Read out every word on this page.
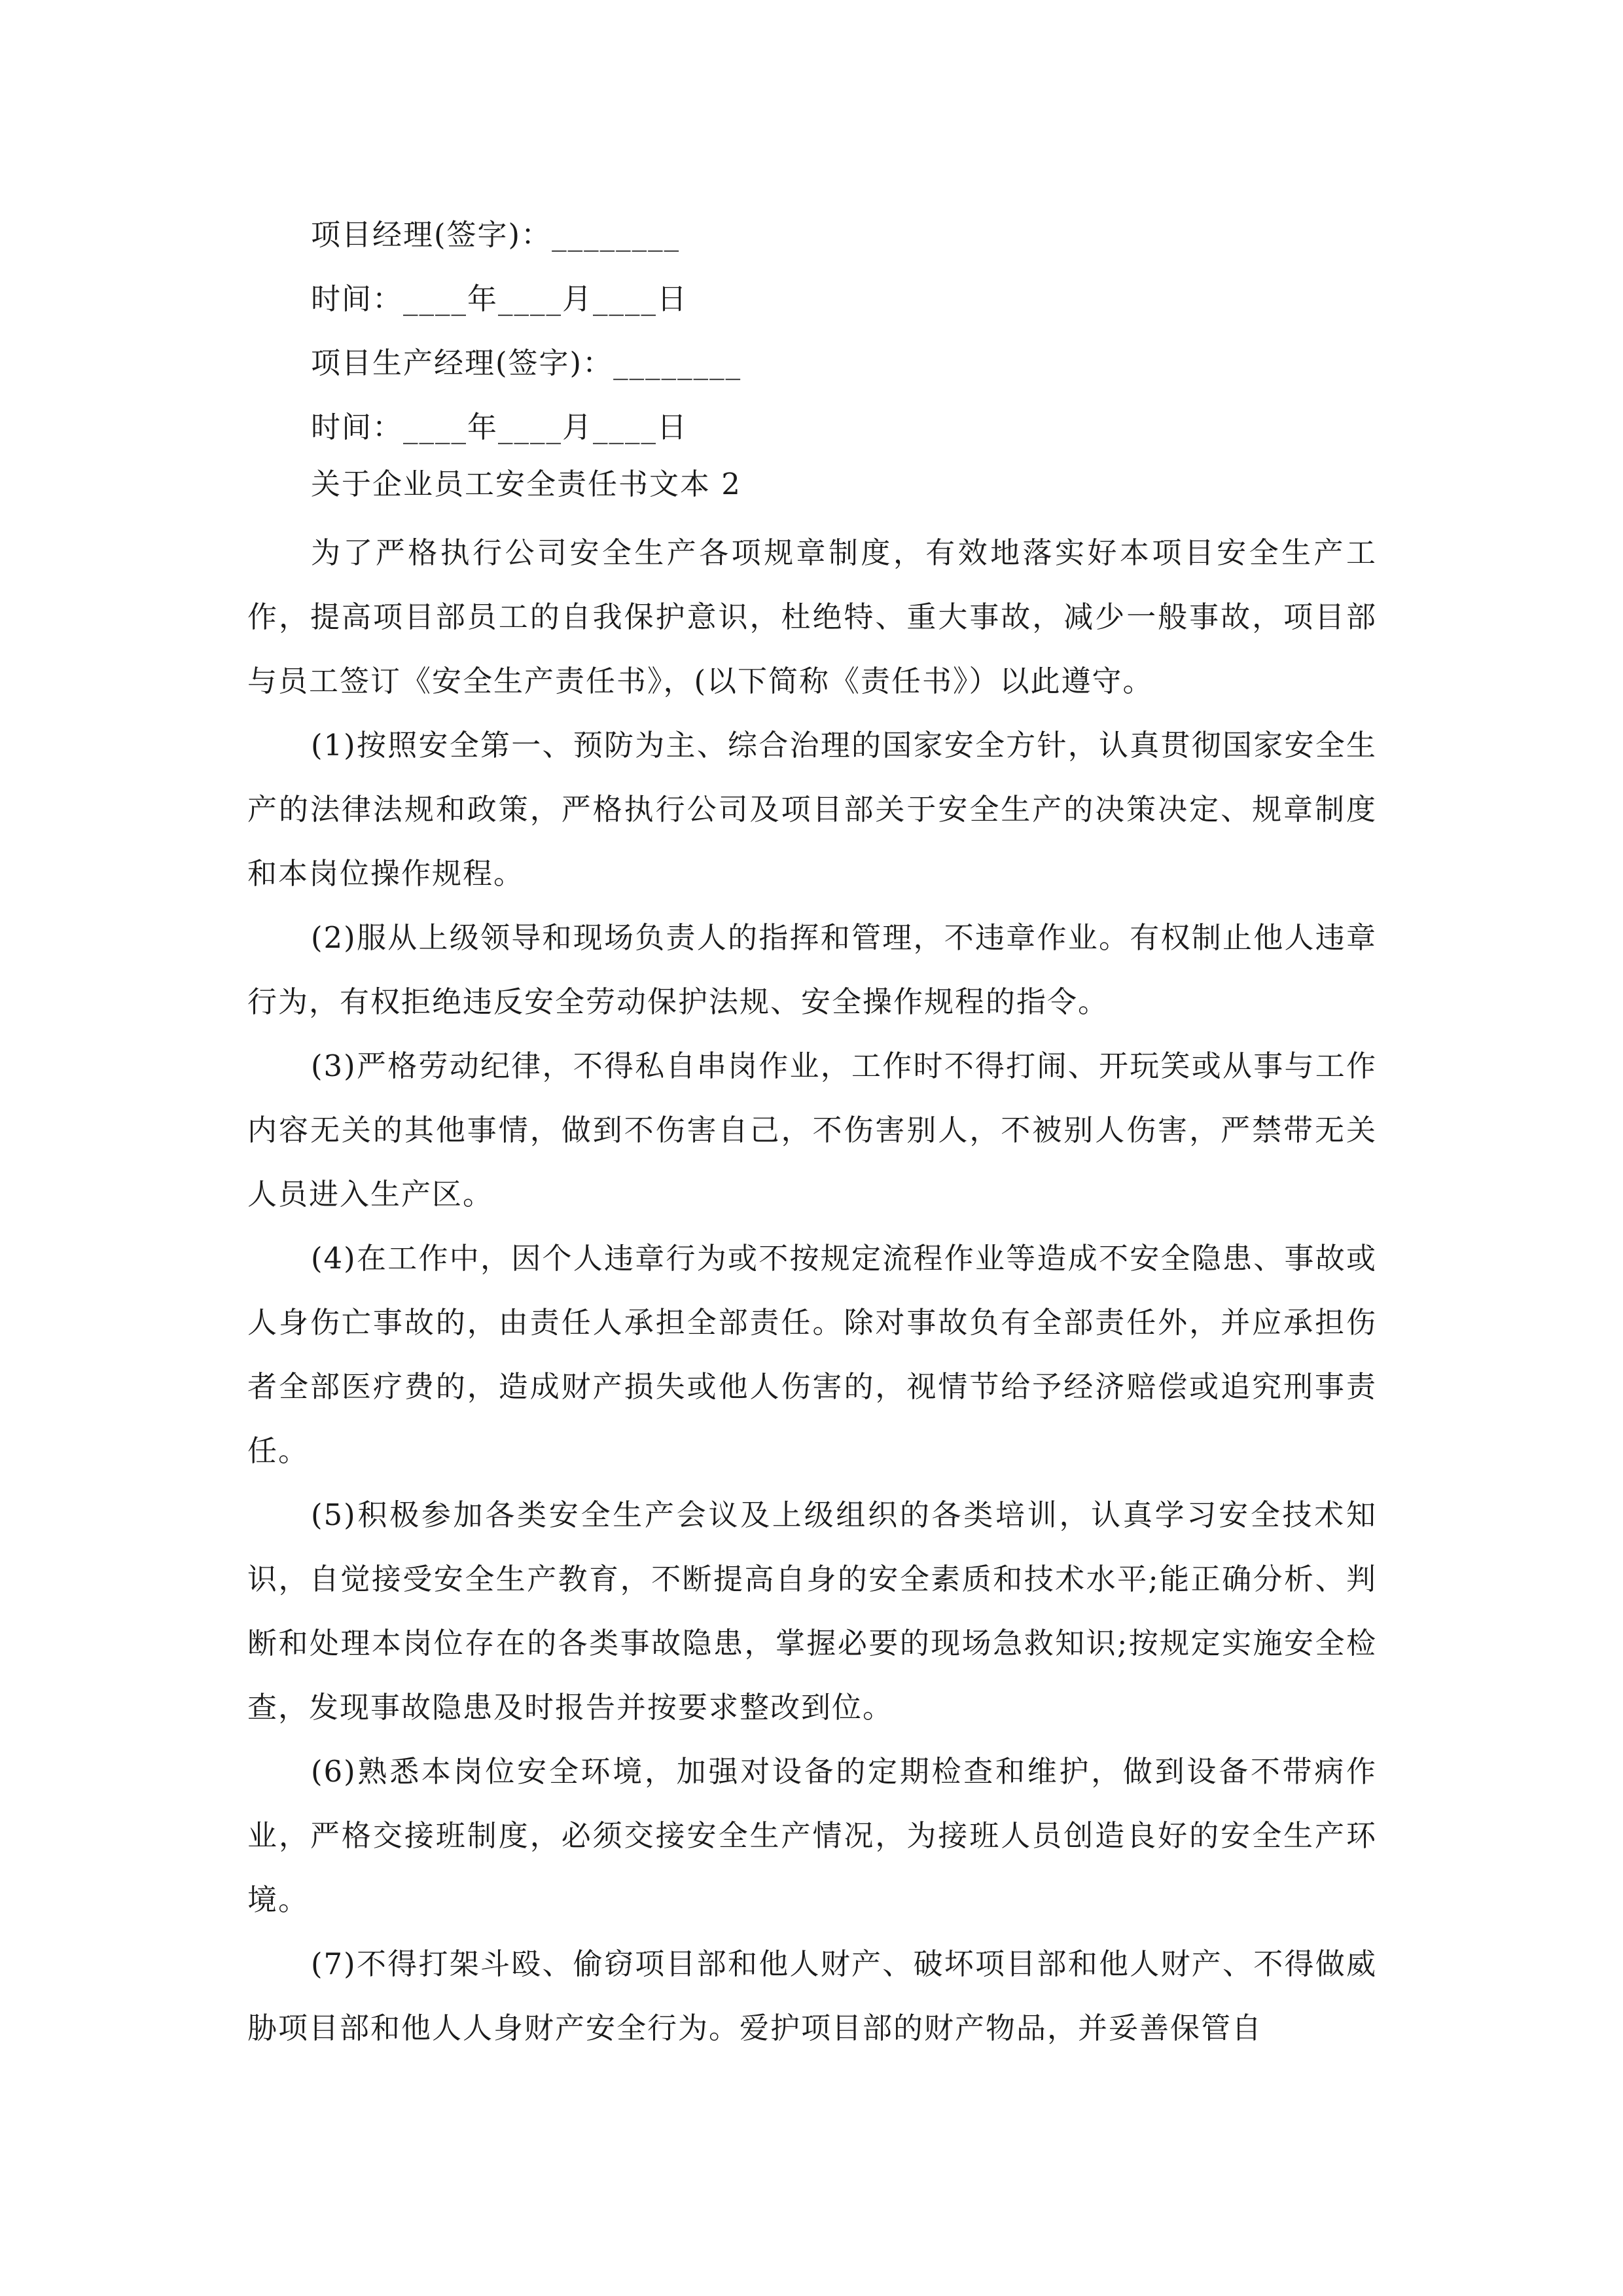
项目经理(签字)：________
时间：____年____月____日
项目生产经理(签字)：________
时间：____年____月____日
关于企业员工安全责任书文本 2

为了严格执行公司安全生产各项规章制度，有效地落实好本项目安全生产工作，提高项目部员工的自我保护意识，杜绝特、重大事故，减少一般事故，项目部与员工签订《安全生产责任书》，(以下简称《责任书》）以此遵守。

(1)按照安全第一、预防为主、综合治理的国家安全方针，认真贯彻国家安全生产的法律法规和政策，严格执行公司及项目部关于安全生产的决策决定、规章制度和本岗位操作规程。

(2)服从上级领导和现场负责人的指挥和管理，不违章作业。有权制止他人违章行为，有权拒绝违反安全劳动保护法规、安全操作规程的指令。

(3)严格劳动纪律，不得私自串岗作业，工作时不得打闹、开玩笑或从事与工作内容无关的其他事情，做到不伤害自己，不伤害别人，不被别人伤害，严禁带无关人员进入生产区。

(4)在工作中，因个人违章行为或不按规定流程作业等造成不安全隐患、事故或人身伤亡事故的，由责任人承担全部责任。除对事故负有全部责任外，并应承担伤者全部医疗费的，造成财产损失或他人伤害的，视情节给予经济赔偿或追究刑事责任。

(5)积极参加各类安全生产会议及上级组织的各类培训，认真学习安全技术知识，自觉接受安全生产教育，不断提高自身的安全素质和技术水平;能正确分析、判断和处理本岗位存在的各类事故隐患，掌握必要的现场急救知识;按规定实施安全检查，发现事故隐患及时报告并按要求整改到位。

(6)熟悉本岗位安全环境，加强对设备的定期检查和维护，做到设备不带病作业，严格交接班制度，必须交接安全生产情况，为接班人员创造良好的安全生产环境。

(7)不得打架斗殴、偷窃项目部和他人财产、破坏项目部和他人财产、不得做威胁项目部和他人人身财产安全行为。爱护项目部的财产物品，并妥善保管自
